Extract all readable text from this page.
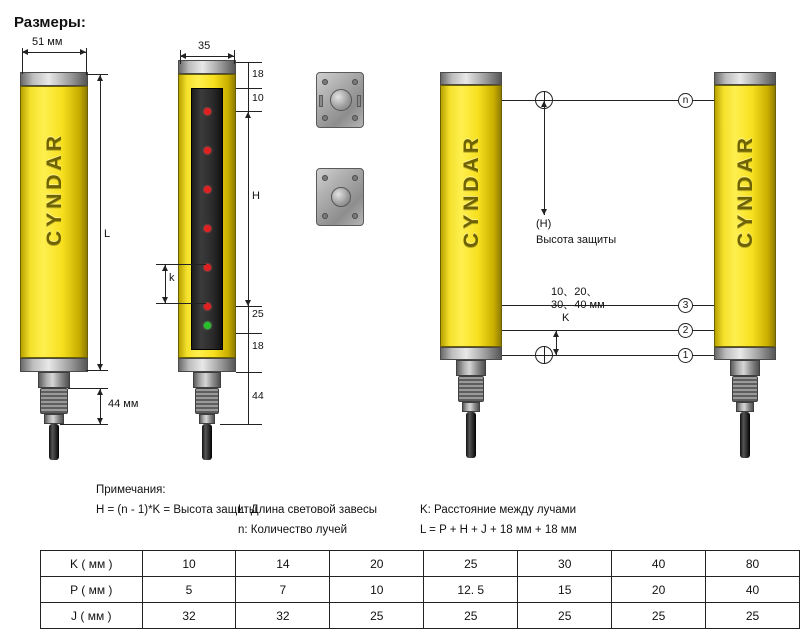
Размеры:
CYNDAR
51 мм
L
44 мм
35
18
10
H
25
18
44
k
CYNDAR	CYNDAR
n
3
2
1
(H)
Высота защиты
10、20、
30、40 мм
K
Примечания:
H = (n - 1)*K = Высота защиты
L: Длина световой завесы
n: Количество лучей
K: Расстояние между лучами
L = P + H + J + 18 мм + 18 мм
K ( мм )	10	14	20	25	30	40	80
P ( мм )	5	7	10	12. 5	15	20	40
J ( мм )	32	32	25	25	25	25	25
